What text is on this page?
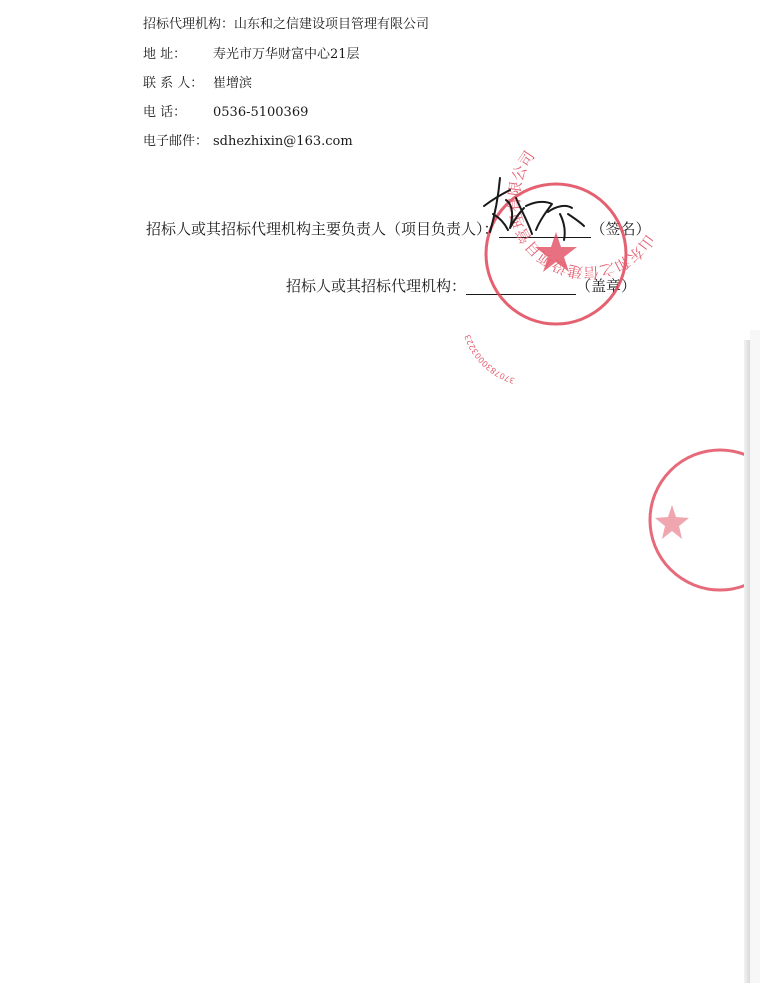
招标代理机构：山东和之信建设项目管理有限公司
地 址： 寿光市万华财富中心21层
联 系 人： 崔增滨
电 话： 0536-5100369
电子邮件： sdhezhixin@163.com
招标人或其招标代理机构主要负责人（项目负责人）：	（签名）
招标人或其招标代理机构：	（盖章）
山东和之信建设项目管理有限公司
3707830003223
